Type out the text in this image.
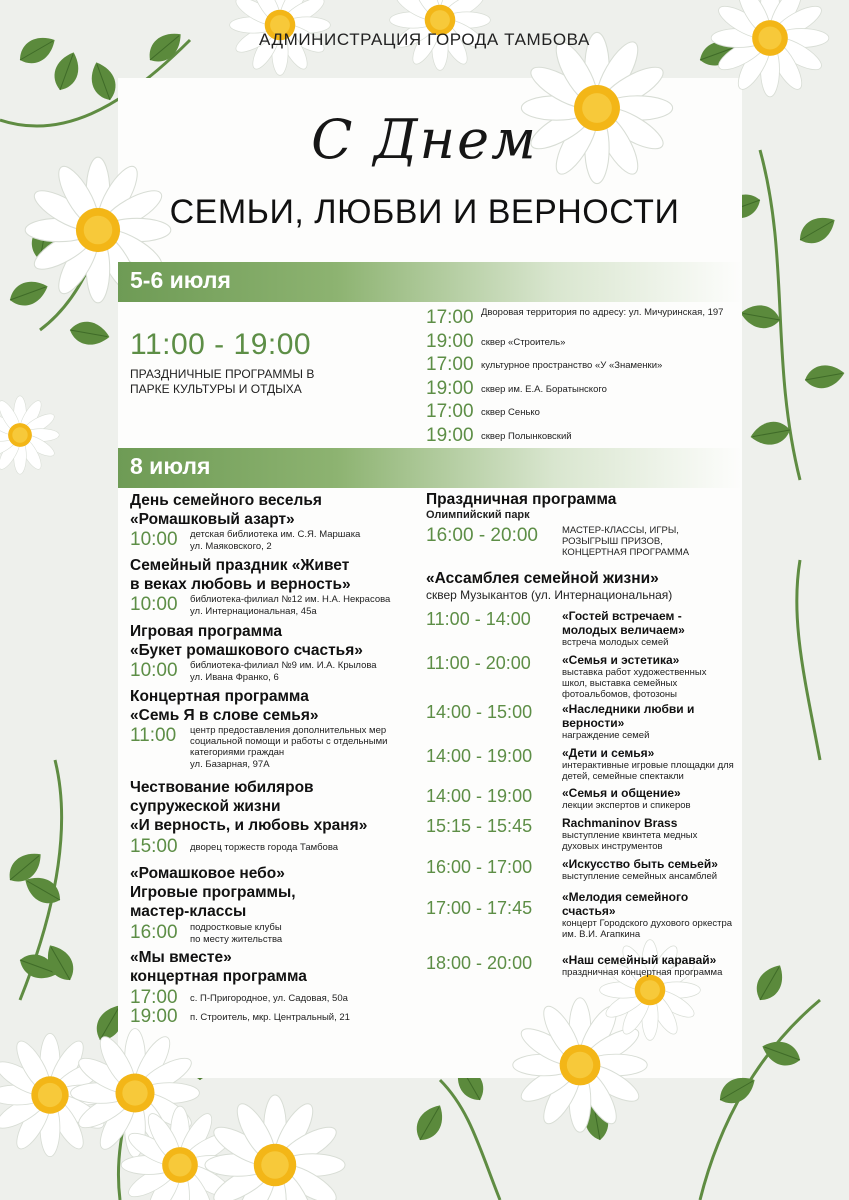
АДМИНИСТРАЦИЯ ГОРОДА ТАМБОВА
С Днем
СЕМЬИ, ЛЮБВИ И ВЕРНОСТИ
5-6 июля
11:00 - 19:00
ПРАЗДНИЧНЫЕ ПРОГРАММЫ В ПАРКЕ КУЛЬТУРЫ И ОТДЫХА
17:00 Дворовая территория по адресу: ул. Мичуринская, 197
19:00 сквер «Строитель»
17:00 культурное пространство «У «Знаменки»
19:00 сквер им. Е.А. Боратынского
17:00 сквер Сенько
19:00 сквер Полынковский
8 июля
День семейного веселья
«Ромашковый азарт»
10:00 детская библиотека им. С.Я. Маршака
ул. Маяковского, 2
Семейный праздник «Живет
в веках любовь и верность»
10:00 библиотека-филиал №12 им. Н.А. Некрасова
ул. Интернациональная, 45а
Игровая программа
«Букет ромашкового счастья»
10:00 библиотека-филиал №9 им. И.А. Крылова
ул. Ивана Франко, 6
Концертная программа
«Семь Я в слове семья»
11:00 центр предоставления дополнительных мер социальной помощи и работы с отдельными категориями граждан
ул. Базарная, 97А
Чествование юбиляров
супружеской жизни
«И верность, и любовь храня»
15:00 дворец торжеств города Тамбова
«Ромашковое небо»
Игровые программы,
мастер-классы
16:00 подростковые клубы
по месту жительства
«Мы вместе»
концертная программа
17:00 с. П-Пригородное, ул. Садовая, 50а
19:00 п. Строитель, мкр. Центральный, 21
Праздничная программа
Олимпийский парк
16:00 - 20:00	МАСТЕР-КЛАССЫ, ИГРЫ, РОЗЫГРЫШ ПРИЗОВ, КОНЦЕРТНАЯ ПРОГРАММА
«Ассамблея семейной жизни»
сквер Музыкантов (ул. Интернациональная)
11:00 - 14:00	«Гостей встречаем - молодых величаем»
встреча молодых семей
11:00 - 20:00	«Семья и эстетика»
выставка работ художественных школ, выставка семейных фотоальбомов, фотозоны
14:00 - 15:00 «Наследники любви и верности»
награждение семей
14:00 - 19:00 «Дети и семья»
интерактивные игровые площадки для детей, семейные спектакли
14:00 - 19:00 «Семья и общение»
лекции экспертов и спикеров
15:15 - 15:45 Rachmaninov Brass
выступление квинтета медных духовых инструментов
16:00 - 17:00 «Искусство быть семьей»
выступление семейных ансамблей
17:00 - 17:45
«Мелодия семейного счастья»
концерт Городского духового оркестра им. В.И. Агапкина
18:00 - 20:00 «Наш семейный каравай»
праздничная концертная программа
